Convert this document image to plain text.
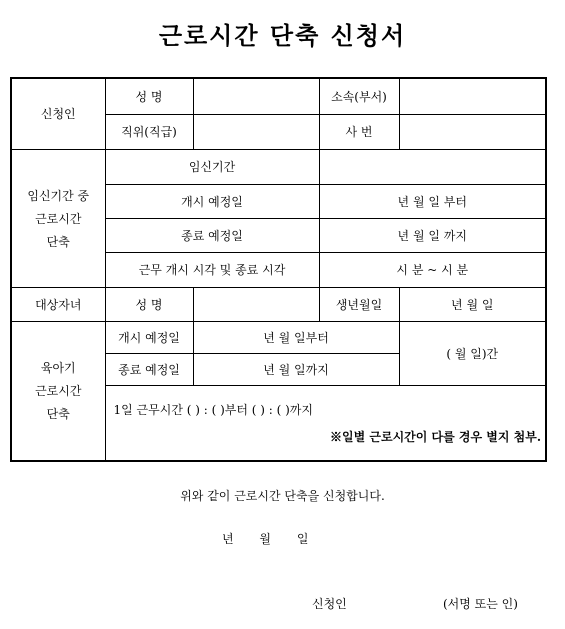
근로시간 단축 신청서
신청인	성 명		소속(부서)	
	직위(직급)		사 번	

임신기간 중
근로시간
단축	임신기간			
	개시 예정일		년 월 일 부터	
	종료 예정일		년 월 일 까지	
	근무 개시 시각 및 종료 시각		시 분 ~ 시 분	
대상자녀	성 명		생년월일	년 월 일

육아기
근로시간
단축	개시 예정일	년 월 일부터		( 월 일)간
	종료 예정일	년 월 일까지		

	1일 근무시간 ( ) : ( )부터 ( ) : ( )까지
※일별 근로시간이 다를 경우 별지 첨부.			
위와 같이 근로시간 단축을 신청합니다.
년 월 일
신청인	(서명 또는 인)
